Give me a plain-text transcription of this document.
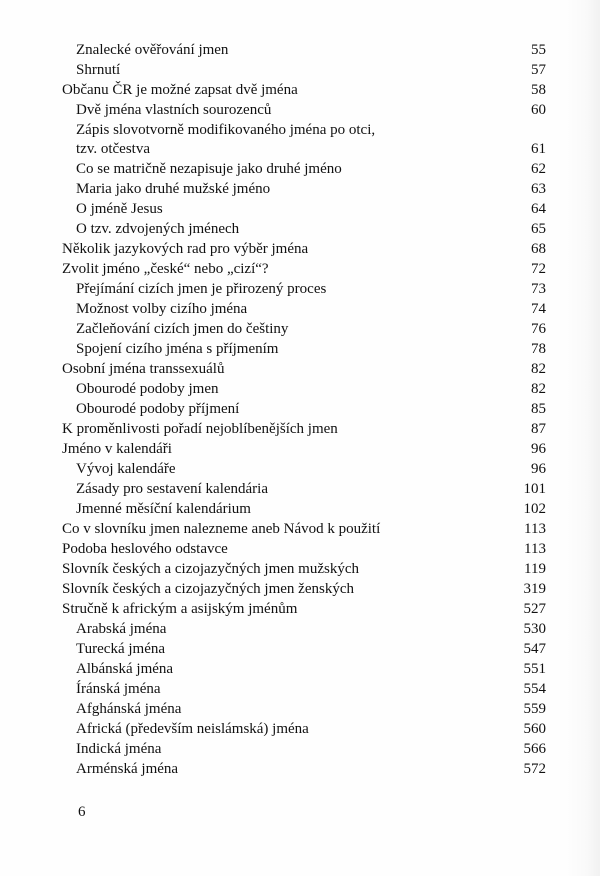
Znalecké ověřování jmen	55
Shrnutí	57
Občanu ČR je možné zapsat dvě jména	58
Dvě jména vlastních sourozenců	60
Zápis slovotvorně modifikovaného jména po otci,
tzv. otčestva	61
Co se matričně nezapisuje jako druhé jméno	62
Maria jako druhé mužské jméno	63
O jméně Jesus	64
O tzv. zdvojených jménech	65
Několik jazykových rad pro výběr jména	68
Zvolit jméno „české“ nebo „cizí“?	72
Přejímání cizích jmen je přirozený proces	73
Možnost volby cizího jména	74
Začleňování cizích jmen do češtiny	76
Spojení cizího jména s příjmením	78
Osobní jména transsexuálů	82
Obourodé podoby jmen	82
Obourodé podoby příjmení	85
K proměnlivosti pořadí nejoblíbenějších jmen	87
Jméno v kalendáři	96
Vývoj kalendáře	96
Zásady pro sestavení kalendária	101
Jmenné měsíční kalendárium	102
Co v slovníku jmen nalezneme aneb Návod k použití	113
Podoba heslového odstavce	113
Slovník českých a cizojazyčných jmen mužských	119
Slovník českých a cizojazyčných jmen ženských	319
Stručně k africkým a asijským jménům	527
Arabská jména	530
Turecká jména	547
Albánská jména	551
Íránská jména	554
Afghánská jména	559
Africká (především neislámská) jména	560
Indická jména	566
Arménská jména	572
6
